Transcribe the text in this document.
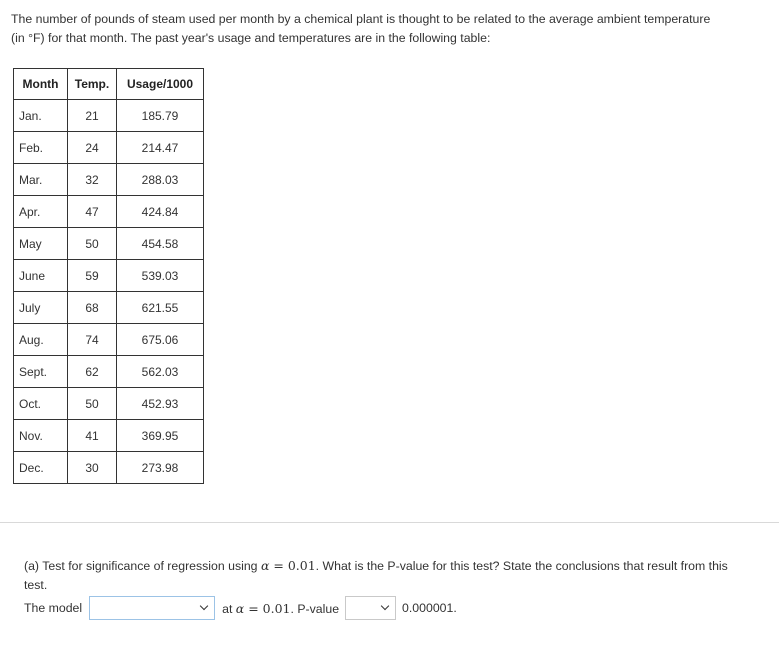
The number of pounds of steam used per month by a chemical plant is thought to be related to the average ambient temperature
(in °F) for that month. The past year's usage and temperatures are in the following table:
Month	Temp.	Usage/1000
Jan.	21	185.79
Feb.	24	214.47
Mar.	32	288.03
Apr.	47	424.84
May	50	454.58
June	59	539.03
July	68	621.55
Aug.	74	675.06
Sept.	62	562.03
Oct.	50	452.93
Nov.	41	369.95
Dec.	30	273.98
(a) Test for significance of regression using α = 0.01. What is the P-value for this test? State the conclusions that result from this
test.
The model	at α = 0.01. P-value	0.000001.
